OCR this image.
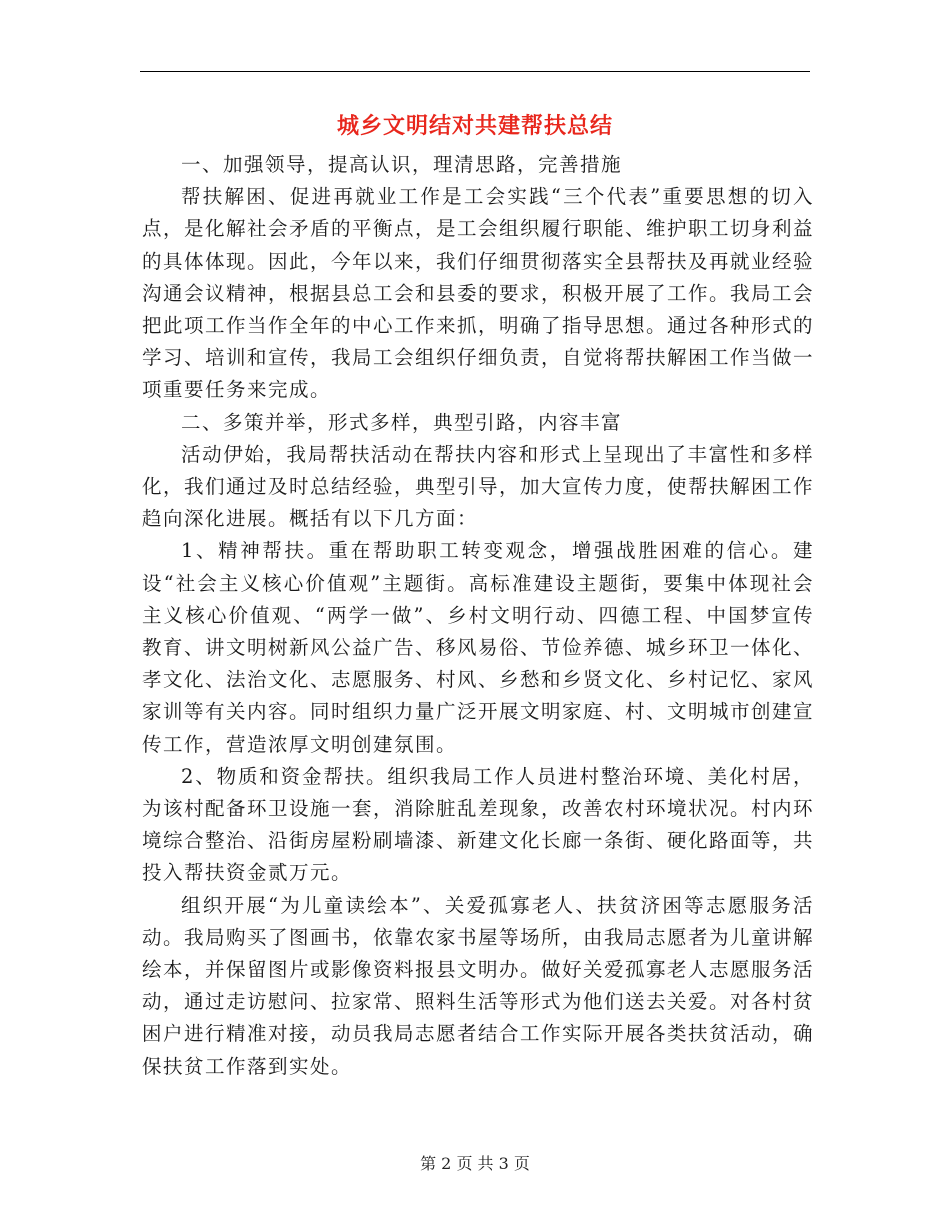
城乡文明结对共建帮扶总结

一、加强领导，提高认识，理清思路，完善措施

帮扶解困、促进再就业工作是工会实践“三个代表”重要思想的切入点，是化解社会矛盾的平衡点，是工会组织履行职能、维护职工切身利益的具体体现。因此，今年以来，我们仔细贯彻落实全县帮扶及再就业经验沟通会议精神，根据县总工会和县委的要求，积极开展了工作。我局工会把此项工作当作全年的中心工作来抓，明确了指导思想。通过各种形式的学习、培训和宣传，我局工会组织仔细负责，自觉将帮扶解困工作当做一项重要任务来完成。

二、多策并举，形式多样，典型引路，内容丰富

活动伊始，我局帮扶活动在帮扶内容和形式上呈现出了丰富性和多样化，我们通过及时总结经验，典型引导，加大宣传力度，使帮扶解困工作趋向深化进展。概括有以下几方面：

1、精神帮扶。重在帮助职工转变观念，增强战胜困难的信心。建设“社会主义核心价值观”主题街。高标准建设主题街，要集中体现社会主义核心价值观、“两学一做”、乡村文明行动、四德工程、中国梦宣传教育、讲文明树新风公益广告、移风易俗、节俭养德、城乡环卫一体化、孝文化、法治文化、志愿服务、村风、乡愁和乡贤文化、乡村记忆、家风家训等有关内容。同时组织力量广泛开展文明家庭、村、文明城市创建宣传工作，营造浓厚文明创建氛围。

2、物质和资金帮扶。组织我局工作人员进村整治环境、美化村居，为该村配备环卫设施一套，消除脏乱差现象，改善农村环境状况。村内环境综合整治、沿街房屋粉刷墙漆、新建文化长廊一条街、硬化路面等，共投入帮扶资金贰万元。

组织开展“为儿童读绘本”、关爱孤寡老人、扶贫济困等志愿服务活动。我局购买了图画书，依靠农家书屋等场所，由我局志愿者为儿童讲解绘本，并保留图片或影像资料报县文明办。做好关爱孤寡老人志愿服务活动，通过走访慰问、拉家常、照料生活等形式为他们送去关爱。对各村贫困户进行精准对接，动员我局志愿者结合工作实际开展各类扶贫活动，确保扶贫工作落到实处。

第 2 页 共 3 页
